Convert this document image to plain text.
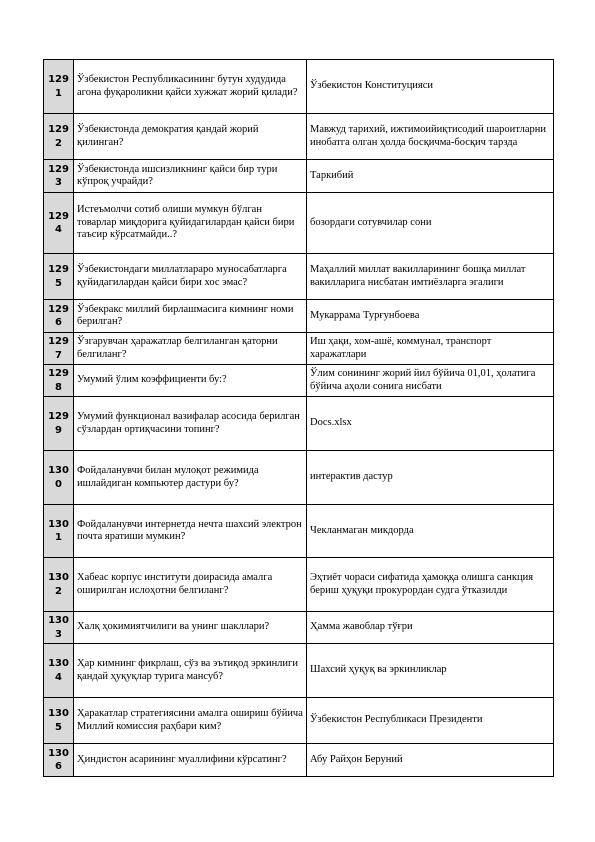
1291	Ўзбекистон Республикасининг бутун худудида агона фуқароликни қайси хужжат жорий қилади?	Ўзбекистон Конституцияси
1292	Ўзбекистонда демократия қандай жорий қилинган?	Мавжуд тарихий, ижтимоийиқтисодий шароитларни инобатга олган ҳолда босқичма-босқич тарзда
1293	Ўзбекистонда ишсизликнинг қайси бир тури кўпроқ учрайди?	Таркибий
1294	Истеъмолчи сотиб олиши мумкун бўлган товарлар миқдорига қуйидагилардан қайси бири таъсир кўрсатмайди..?	бозордаги сотувчилар сони
1295	Ўзбекистондаги миллатлараро муносабатларга қуйидагилардан қайси бири хос эмас?	Маҳаллий миллат вакилларининг бошқа миллат вакилларига нисбатан имтиёзларга эгалиги
1296	Ўзбекракс миллий бирлашмасига кимнинг номи берилган?	Мукаррама Турғунбоева
1297	Ўзгарувчан ҳаражатлар белгиланган қаторни белгиланг?	Иш ҳақи, хом-ашё, коммунал, транспорт харажатлари
1298	Умумий ўлим коэффициенти бу:?	Ўлим сонининг жорий йил бўйича 01,01, ҳолатига бўйича аҳоли сонига нисбати
1299	Умумий функционал вазифалар асосида берилган сўзлардан ортиқчасини топинг?	Docs.xlsx
1300	Фойдаланувчи билан мулоқот режимида ишлайдиган компьютер дастури бу?	интерактив дастур
1301	Фойдаланувчи интернетда нечта шахсий электрон почта яратиши мумкин?	Чекланмаган микдорда
1302	Хабеас корпус институти доирасида амалга оширилган ислоҳотни белгиланг?	Эҳтиёт чораси сифатида ҳамоққа олишга санкция бериш ҳуқуқи прокурордан судга ўтказилди
1303	Халқ ҳокимиятчилиги ва унинг шакллари?	Ҳамма жавоблар тўғри
1304	Ҳар кимнинг фикрлаш, сўз ва эътиқод эркинлиги қандай ҳуқуқлар турига мансуб?	Шахсий ҳуқуқ ва эркинликлар
1305	Ҳаракатлар стратегиясини амалга ошириш бўйича Миллий комиссия раҳбари ким?	Ўзбекистон Республикаси Президенти
1306	Ҳиндистон асарининг муаллифини кўрсатинг?	Абу Райҳон Беруний
